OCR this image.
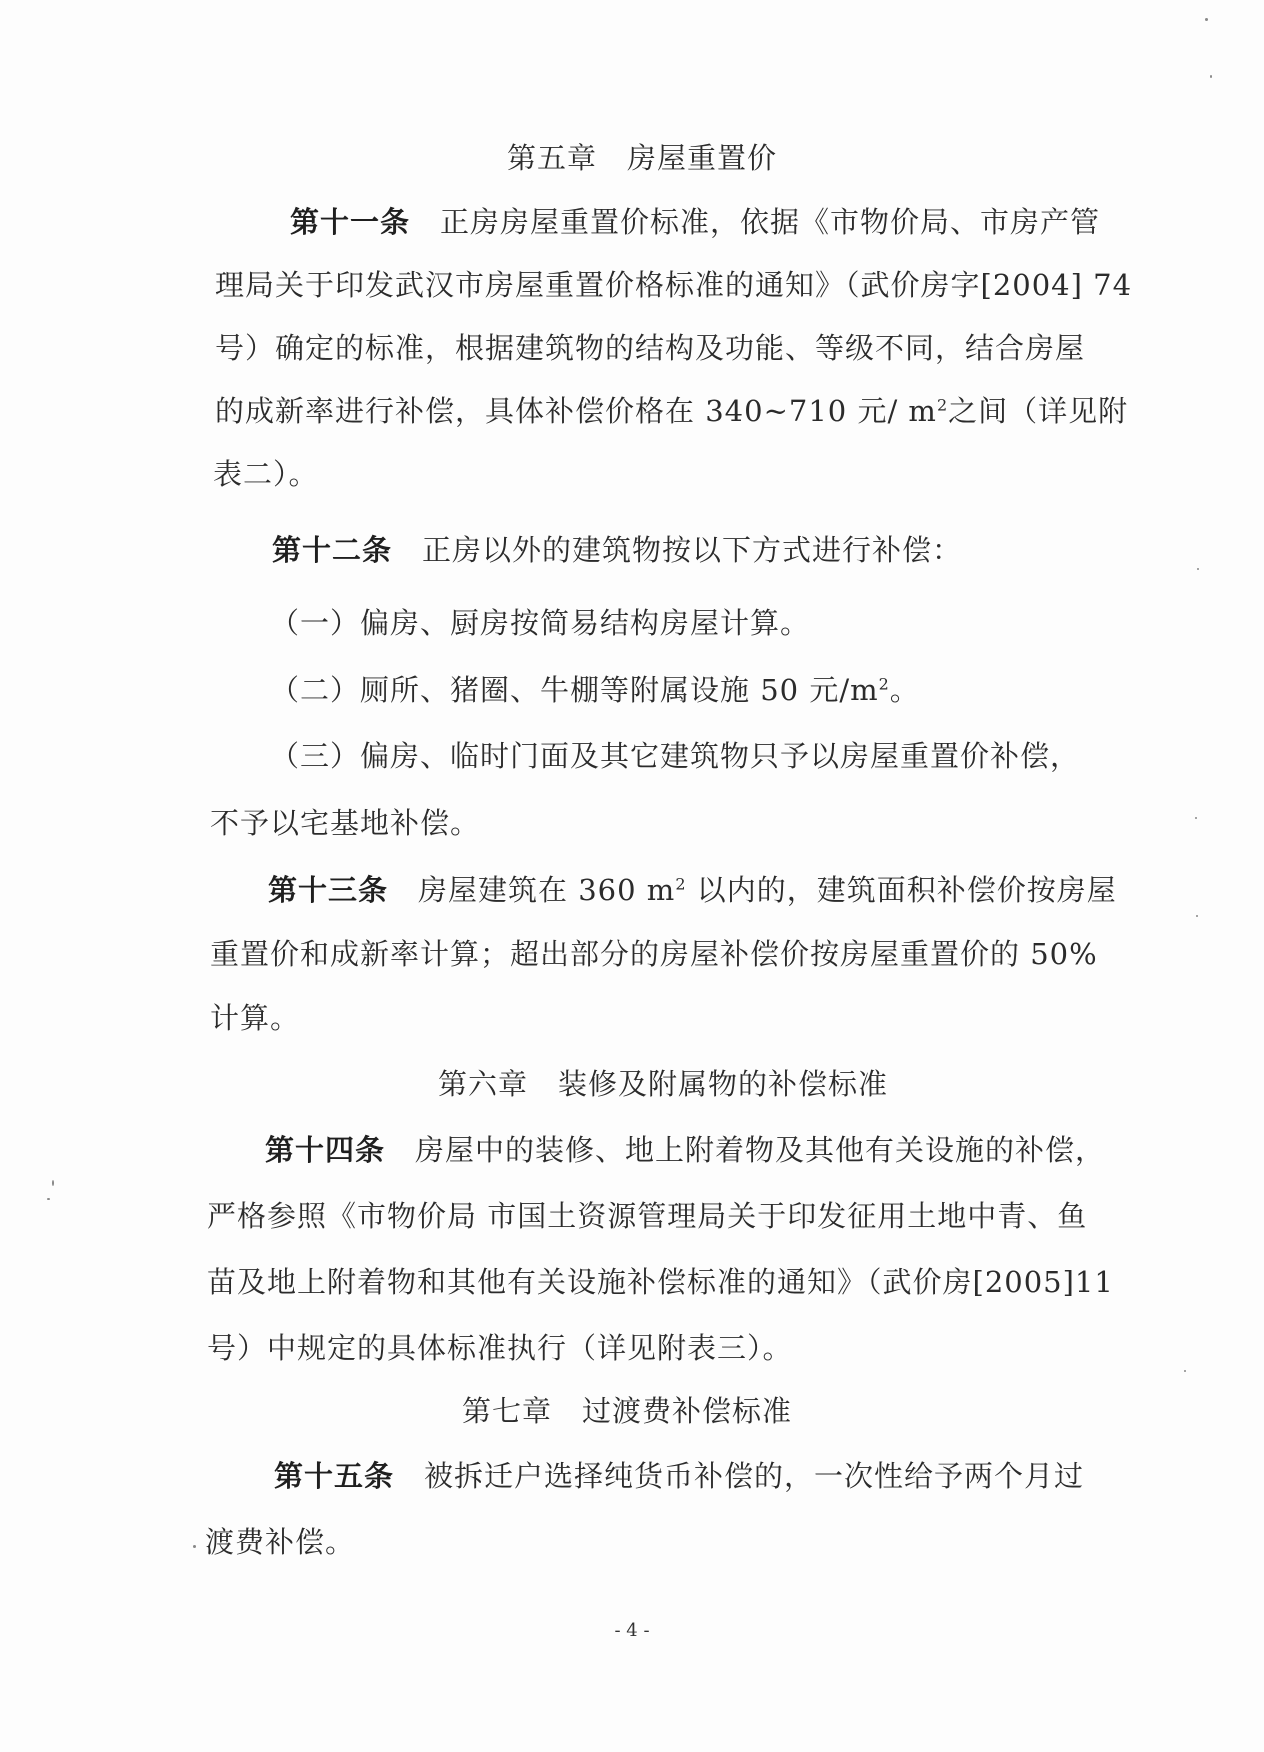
第五章　房屋重置价
第十一条　正房房屋重置价标准，依据《市物价局、市房产管
理局关于印发武汉市房屋重置价格标准的通知》（武价房字[2004] 74
号）确定的标准，根据建筑物的结构及功能、等级不同，结合房屋
的成新率进行补偿，具体补偿价格在 340~710 元/ $m^2$之间（详见附
表二）。
第十二条　正房以外的建筑物按以下方式进行补偿：
（一）偏房、厨房按简易结构房屋计算。
（二）厕所、猪圈、牛棚等附属设施 50 元$/m^2$。
（三）偏房、临时门面及其它建筑物只予以房屋重置价补偿，
不予以宅基地补偿。
第十三条　房屋建筑在 360 $m^2$ 以内的，建筑面积补偿价按房屋
重置价和成新率计算；超出部分的房屋补偿价按房屋重置价的 50%
计算。
第六章　装修及附属物的补偿标准
第十四条　房屋中的装修、地上附着物及其他有关设施的补偿，
严格参照《市物价局 市国土资源管理局关于印发征用土地中青、鱼
苗及地上附着物和其他有关设施补偿标准的通知》（武价房[2005]11
号）中规定的具体标准执行（详见附表三）。
第七章　过渡费补偿标准
第十五条　被拆迁户选择纯货币补偿的，一次性给予两个月过
渡费补偿。
- 4 -
